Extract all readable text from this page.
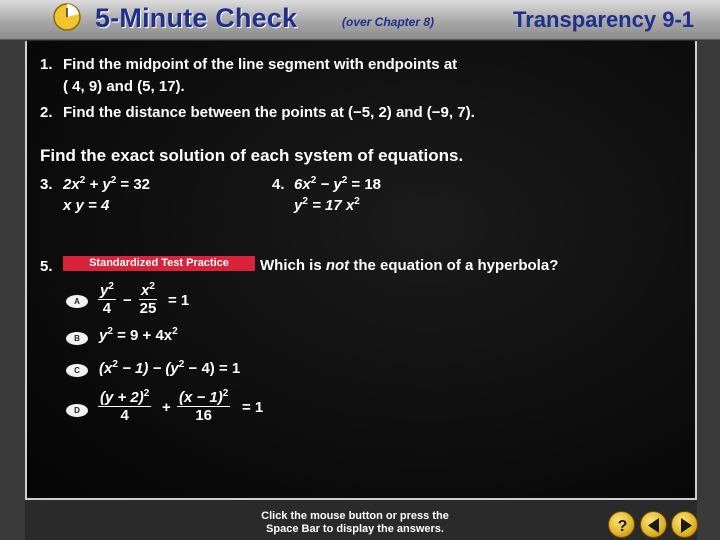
5-Minute Check	(over Chapter 8)	Transparency 9-1
1. Find the midpoint of the line segment with endpoints at
( 4, 9) and (5, 17).
2. Find the distance between the points at (−5, 2) and (−9, 7).
Find the exact solution of each system of equations.
3. $2x^2 + y^2 = 32$
x y = 4
4. $6x^2 - y^2 = 18$
$y^2 = 17$ $x^2$
5.	Standardized Test Practice	Which is not the equation of a hyperbola?
A	$\frac{y^2}{4} - \frac{x^2}{25} = 1$
B	$y^2 = 9 + 4x^2$
C	$(x^2 - 1) - (y^2 - 4) = 1$
D	$\frac{(y + 2)^2}{4} + \frac{(x - 1)^2}{16} = 1$
Click the mouse button or press the
Space Bar to display the answers.	?
